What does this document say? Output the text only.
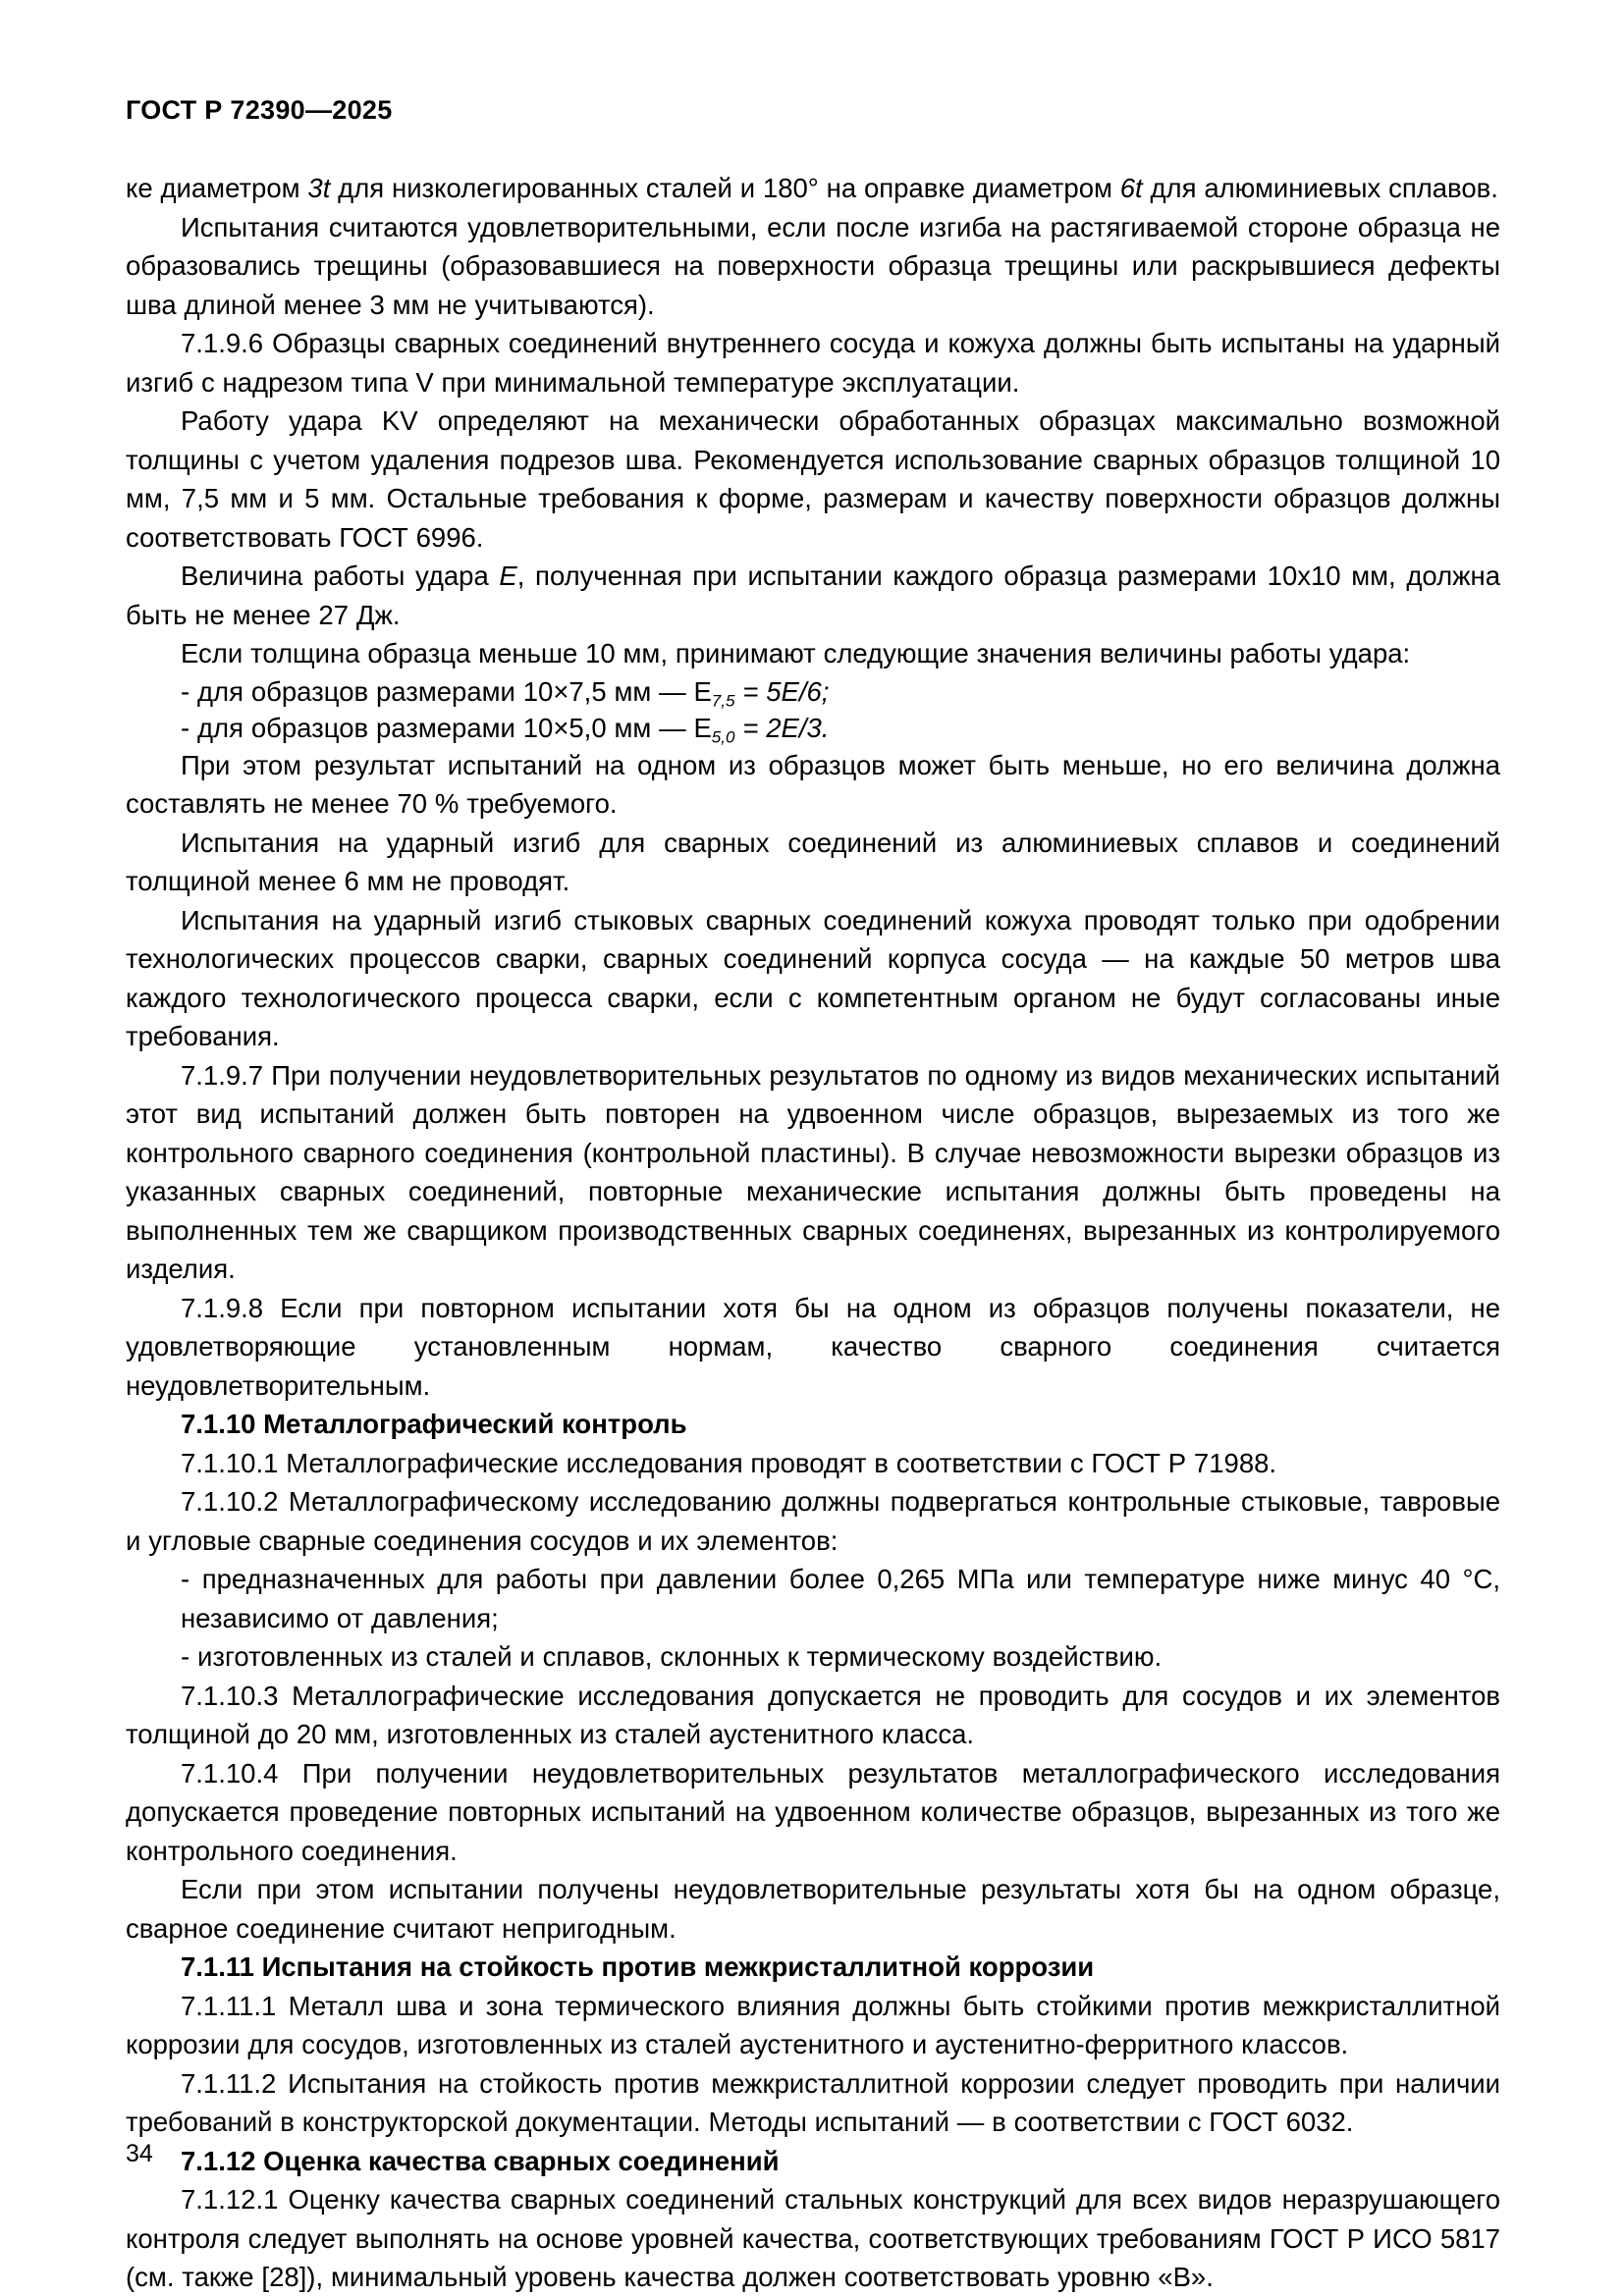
ГОСТ Р 72390—2025

ке диаметром 3t для низколегированных сталей и 180° на оправке диаметром 6t для алюминиевых сплавов.

Испытания считаются удовлетворительными, если после изгиба на растягиваемой стороне образца не образовались трещины (образовавшиеся на поверхности образца трещины или раскрывшиеся дефекты шва длиной менее 3 мм не учитываются).

7.1.9.6 Образцы сварных соединений внутреннего сосуда и кожуха должны быть испытаны на ударный изгиб с надрезом типа V при минимальной температуре эксплуатации.

Работу удара KV определяют на механически обработанных образцах максимально возможной толщины с учетом удаления подрезов шва. Рекомендуется использование сварных образцов толщиной 10 мм, 7,5 мм и 5 мм. Остальные требования к форме, размерам и качеству поверхности образцов должны соответствовать ГОСТ 6996.

Величина работы удара E, полученная при испытании каждого образца размерами 10x10 мм, должна быть не менее 27 Дж.

Если толщина образца меньше 10 мм, принимают следующие значения величины работы удара:

- для образцов размерами 10×7,5 мм — $E_{7,5} = 5E/6$;

- для образцов размерами 10×5,0 мм — $E_{5,0} = 2E/3$.

При этом результат испытаний на одном из образцов может быть меньше, но его величина должна составлять не менее 70 % требуемого.

Испытания на ударный изгиб для сварных соединений из алюминиевых сплавов и соединений толщиной менее 6 мм не проводят.

Испытания на ударный изгиб стыковых сварных соединений кожуха проводят только при одобрении технологических процессов сварки, сварных соединений корпуса сосуда — на каждые 50 метров шва каждого технологического процесса сварки, если с компетентным органом не будут согласованы иные требования.

7.1.9.7 При получении неудовлетворительных результатов по одному из видов механических испытаний этот вид испытаний должен быть повторен на удвоенном числе образцов, вырезаемых из того же контрольного сварного соединения (контрольной пластины). В случае невозможности вырезки образцов из указанных сварных соединений, повторные механические испытания должны быть проведены на выполненных тем же сварщиком производственных сварных соединенях, вырезанных из контролируемого изделия.

7.1.9.8 Если при повторном испытании хотя бы на одном из образцов получены показатели, не удовлетворяющие установленным нормам, качество сварного соединения считается неудовлетворительным.

7.1.10 Металлографический контроль

7.1.10.1 Металлографические исследования проводят в соответствии с ГОСТ Р 71988.

7.1.10.2 Металлографическому исследованию должны подвергаться контрольные стыковые, тавровые и угловые сварные соединения сосудов и их элементов:

- предназначенных для работы при давлении более 0,265 МПа или температуре ниже минус 40 °С, независимо от давления;

- изготовленных из сталей и сплавов, склонных к термическому воздействию.

7.1.10.3 Металлографические исследования допускается не проводить для сосудов и их элементов толщиной до 20 мм, изготовленных из сталей аустенитного класса.

7.1.10.4 При получении неудовлетворительных результатов металлографического исследования допускается проведение повторных испытаний на удвоенном количестве образцов, вырезанных из того же контрольного соединения.

Если при этом испытании получены неудовлетворительные результаты хотя бы на одном образце, сварное соединение считают непригодным.

7.1.11 Испытания на стойкость против межкристаллитной коррозии

7.1.11.1 Металл шва и зона термического влияния должны быть стойкими против межкристаллитной коррозии для сосудов, изготовленных из сталей аустенитного и аустенитно-ферритного классов.

7.1.11.2 Испытания на стойкость против межкристаллитной коррозии следует проводить при наличии требований в конструкторской документации. Методы испытаний — в соответствии с ГОСТ 6032.

7.1.12 Оценка качества сварных соединений

7.1.12.1 Оценку качества сварных соединений стальных конструкций для всех видов неразрушающего контроля следует выполнять на основе уровней качества, соответствующих требованиям ГОСТ Р ИСО 5817 (см. также [28]), минимальный уровень качества должен соответствовать уровню «В».

34
